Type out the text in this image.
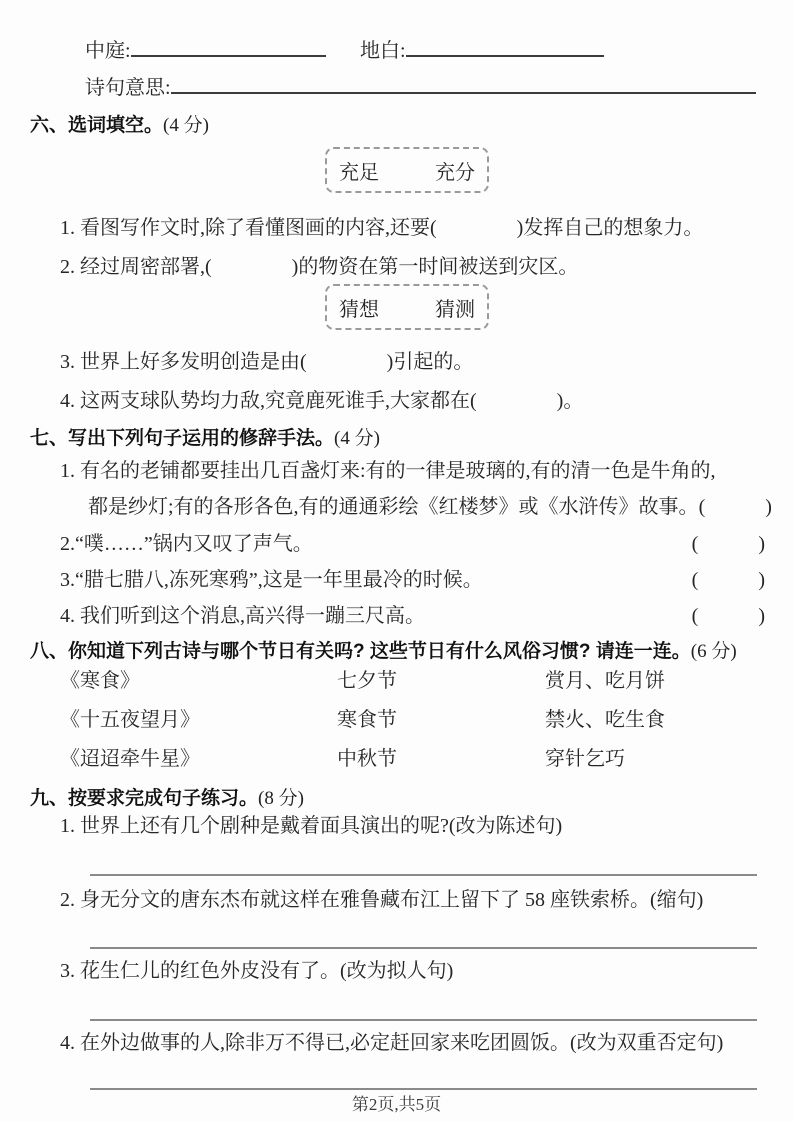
中庭:	地白:
诗句意思:
六、选词填空。(4 分)
充足	充分
1. 看图写作文时,除了看懂图画的内容,还要(　　　　)发挥自己的想象力。
2. 经过周密部署,(　　　　)的物资在第一时间被送到灾区。
猜想	猜测
3. 世界上好多发明创造是由(　　　　)引起的。
4. 这两支球队势均力敌,究竟鹿死谁手,大家都在(　　　　)。
七、写出下列句子运用的修辞手法。(4 分)
1. 有名的老铺都要挂出几百盏灯来:有的一律是玻璃的,有的清一色是牛角的,
都是纱灯;有的各形各色,有的通通彩绘《红楼梦》或《水浒传》故事。 (　　　)
2.“噗……”锅内又叹了声气。	(　　　)
3.“腊七腊八,冻死寒鸦”,这是一年里最冷的时候。	(　　　)
4. 我们听到这个消息,高兴得一蹦三尺高。	(　　　)
八、你知道下列古诗与哪个节日有关吗? 这些节日有什么风俗习惯? 请连一连。(6 分)
《寒食》	七夕节	赏月、吃月饼
《十五夜望月》	寒食节	禁火、吃生食
《迢迢牵牛星》	中秋节	穿针乞巧
九、按要求完成句子练习。(8 分)
1. 世界上还有几个剧种是戴着面具演出的呢?(改为陈述句)
2. 身无分文的唐东杰布就这样在雅鲁藏布江上留下了 58 座铁索桥。(缩句)
3. 花生仁儿的红色外皮没有了。(改为拟人句)
4. 在外边做事的人,除非万不得已,必定赶回家来吃团圆饭。(改为双重否定句)
第2页,共5页
